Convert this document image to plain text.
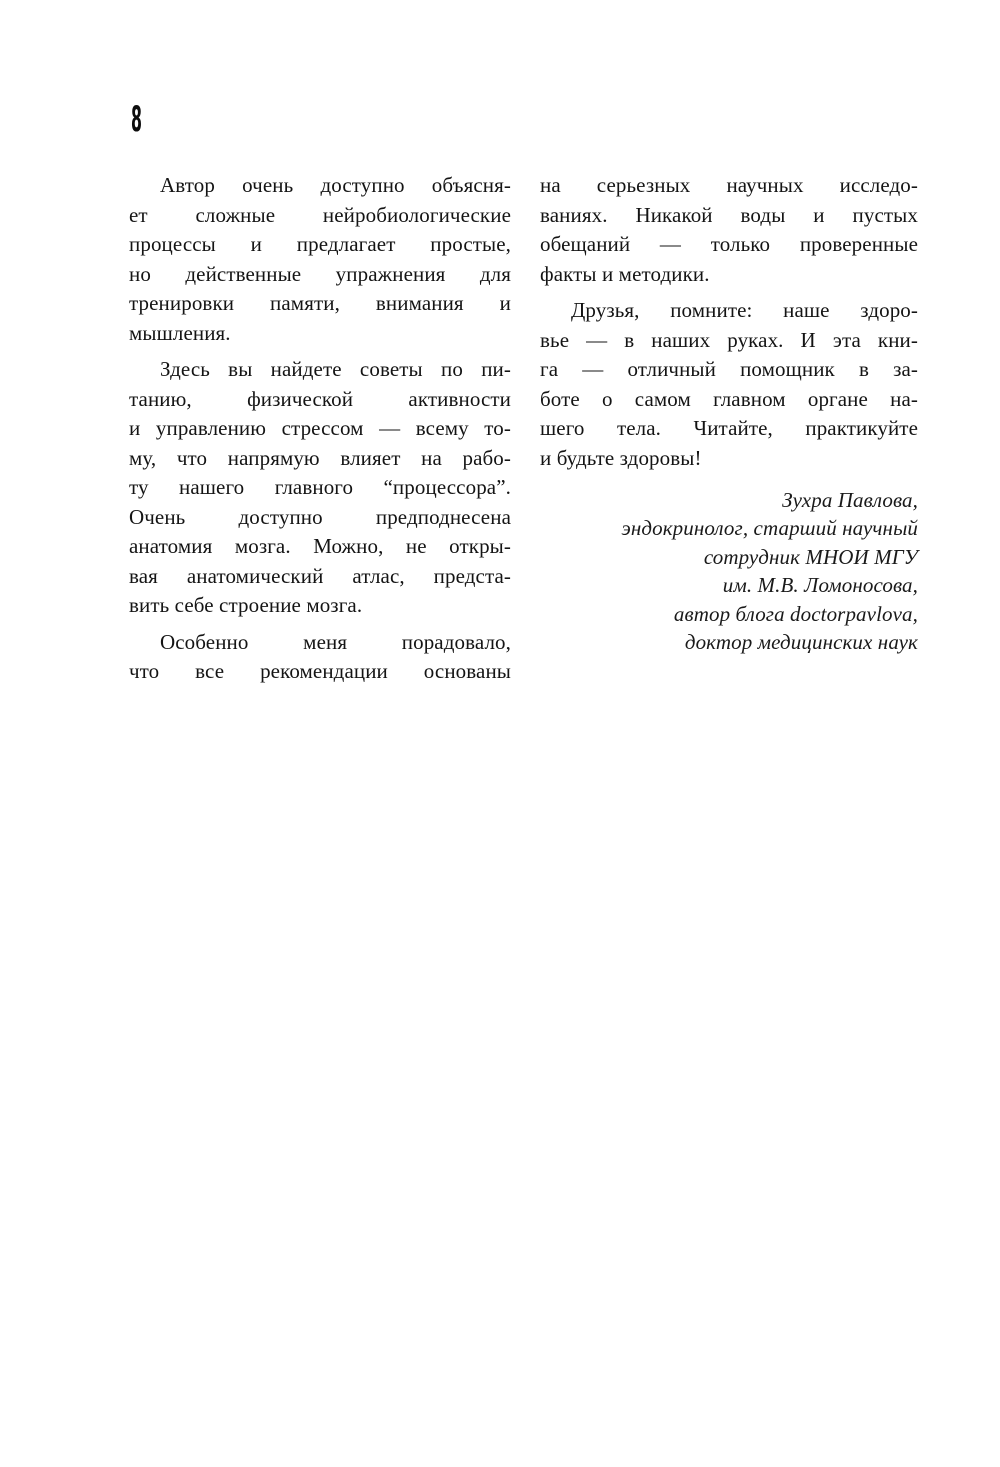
8
Автор очень доступно объясня-
ет сложные нейробиологические
процессы и предлагает простые,
но действенные упражнения для
тренировки памяти, внимания и
мышления.
Здесь вы найдете советы по пи-
танию, физической активности
и управлению стрессом — всему то-
му, что напрямую влияет на рабо-
ту нашего главного “процессора”.
Очень доступно предподнесена
анатомия мозга. Можно, не откры-
вая анатомический атлас, предста-
вить себе строение мозга.
Особенно меня порадовало,
что все рекомендации основаны
на серьезных научных исследо-
ваниях. Никакой воды и пустых
обещаний — только проверенные
факты и методики.
Друзья, помните: наше здоро-
вье — в наших руках. И эта кни-
га — отличный помощник в за-
боте о самом главном органе на-
шего тела. Читайте, практикуйте
и будьте здоровы!
Зухра Павлова,
эндокринолог, старший научный
сотрудник МНОИ МГУ
им. М.В. Ломоносова,
автор блога doctorpavlova,
доктор медицинских наук
